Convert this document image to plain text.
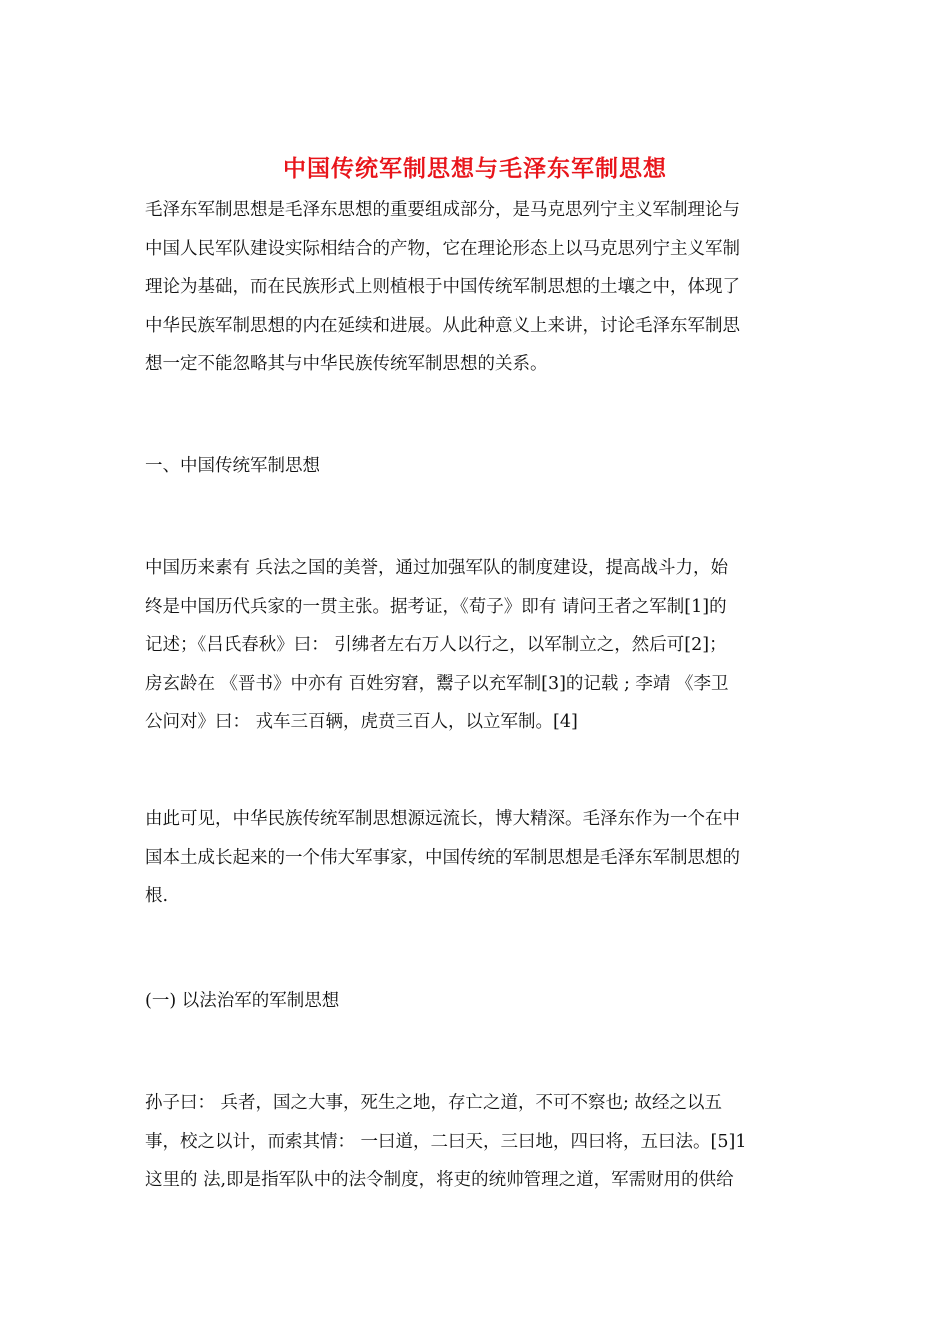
中国传统军制思想与毛泽东军制思想
毛泽东军制思想是毛泽东思想的重要组成部分，是马克思列宁主义军制理论与
中国人民军队建设实际相结合的产物，它在理论形态上以马克思列宁主义军制
理论为基础，而在民族形式上则植根于中国传统军制思想的土壤之中，体现了
中华民族军制思想的内在延续和进展。从此种意义上来讲，讨论毛泽东军制思
想一定不能忽略其与中华民族传统军制思想的关系。
一、中国传统军制思想
中国历来素有 兵法之国的美誉，通过加强军队的制度建设，提高战斗力，始
终是中国历代兵家的一贯主张。据考证，《荀子》即有 请问王者之军制[1]的
记述；《吕氏春秋》曰： 引绋者左右万人以行之，以军制立之，然后可[2]；
房玄龄在 《晋书》中亦有 百姓穷窘，鬻子以充军制[3]的记载 ; 李靖 《李卫
公问对》曰： 戎车三百辆，虎贲三百人，以立军制。[4]
由此可见，中华民族传统军制思想源远流长，博大精深。毛泽东作为一个在中
国本土成长起来的一个伟大军事家，中国传统的军制思想是毛泽东军制思想的
根.
(一) 以法治军的军制思想
孙子曰： 兵者，国之大事，死生之地，存亡之道，不可不察也; 故经之以五
事，校之以计，而索其情： 一曰道，二曰天，三曰地，四曰将，五曰法。[5]1
这里的 法,即是指军队中的法令制度，将吏的统帅管理之道，军需财用的供给
